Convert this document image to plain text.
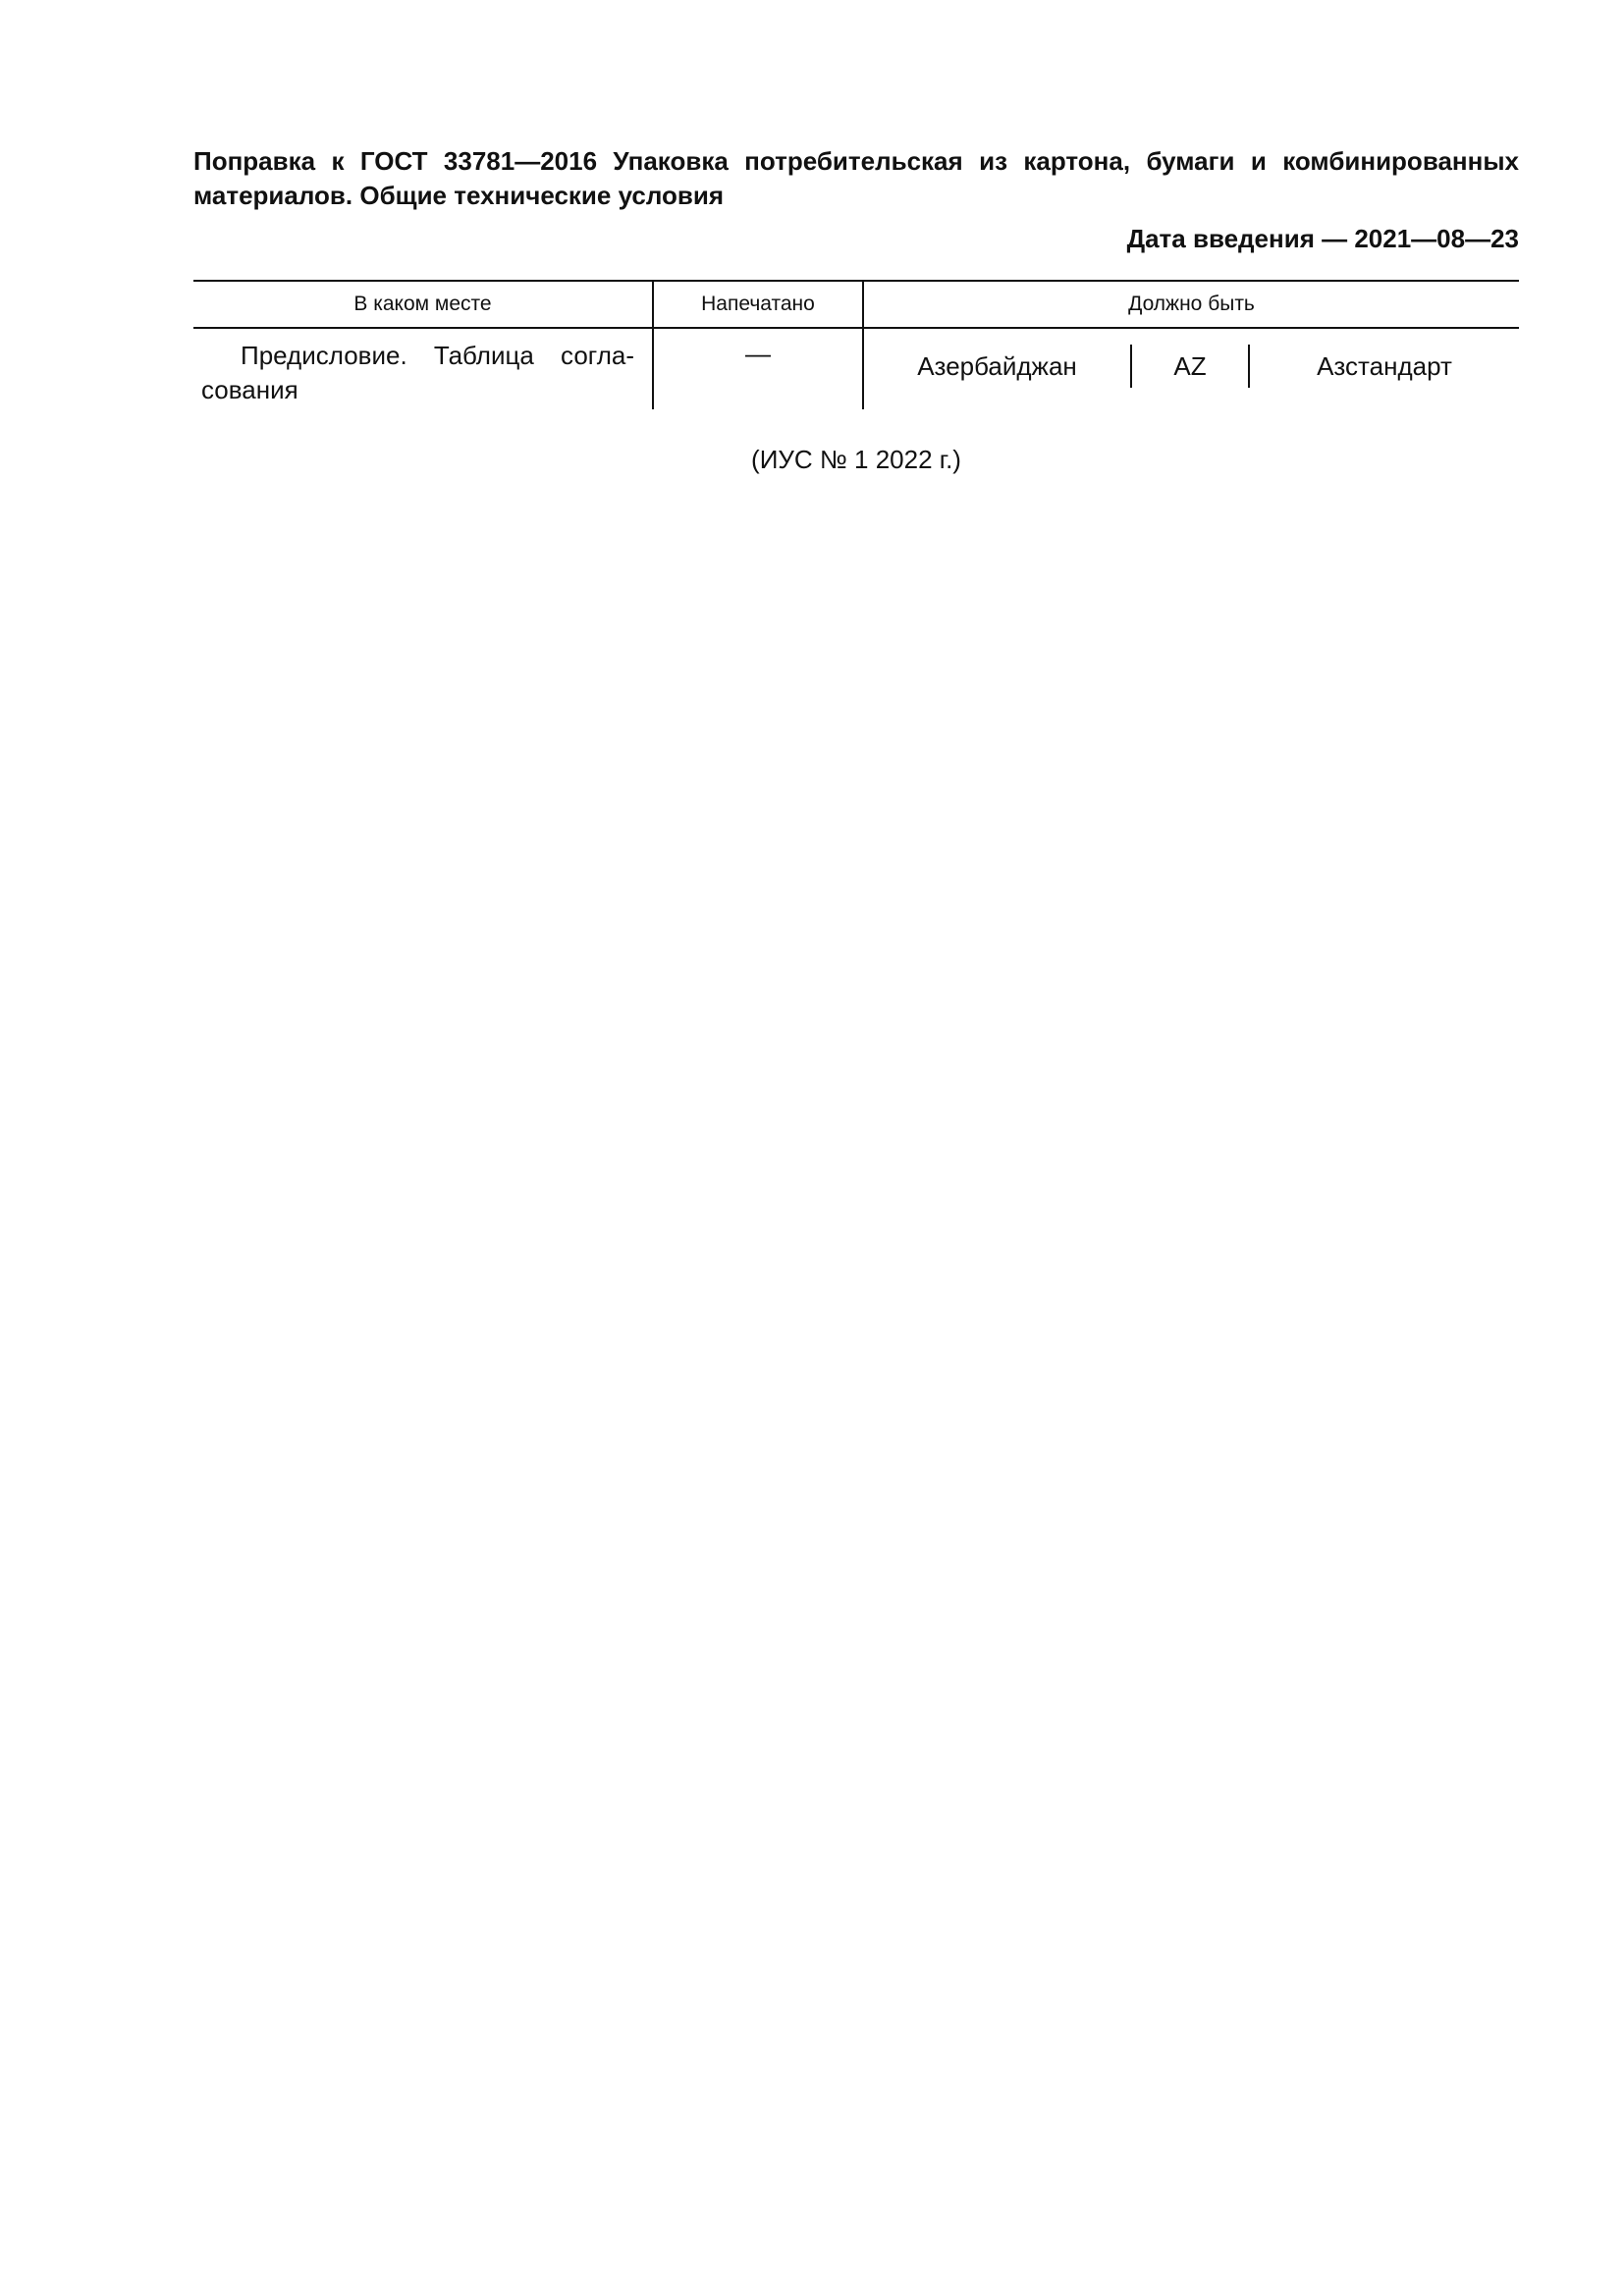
Поправка к ГОСТ 33781—2016 Упаковка потребительская из картона, бумаги и комбинированных материалов. Общие технические условия

Дата введения — 2021—08—23
В каком месте	Напечатано	Должно быть

Предисловие. Таблица согла-сования	—	Азербайджан AZ Азстандарт
(ИУС № 1 2022 г.)
